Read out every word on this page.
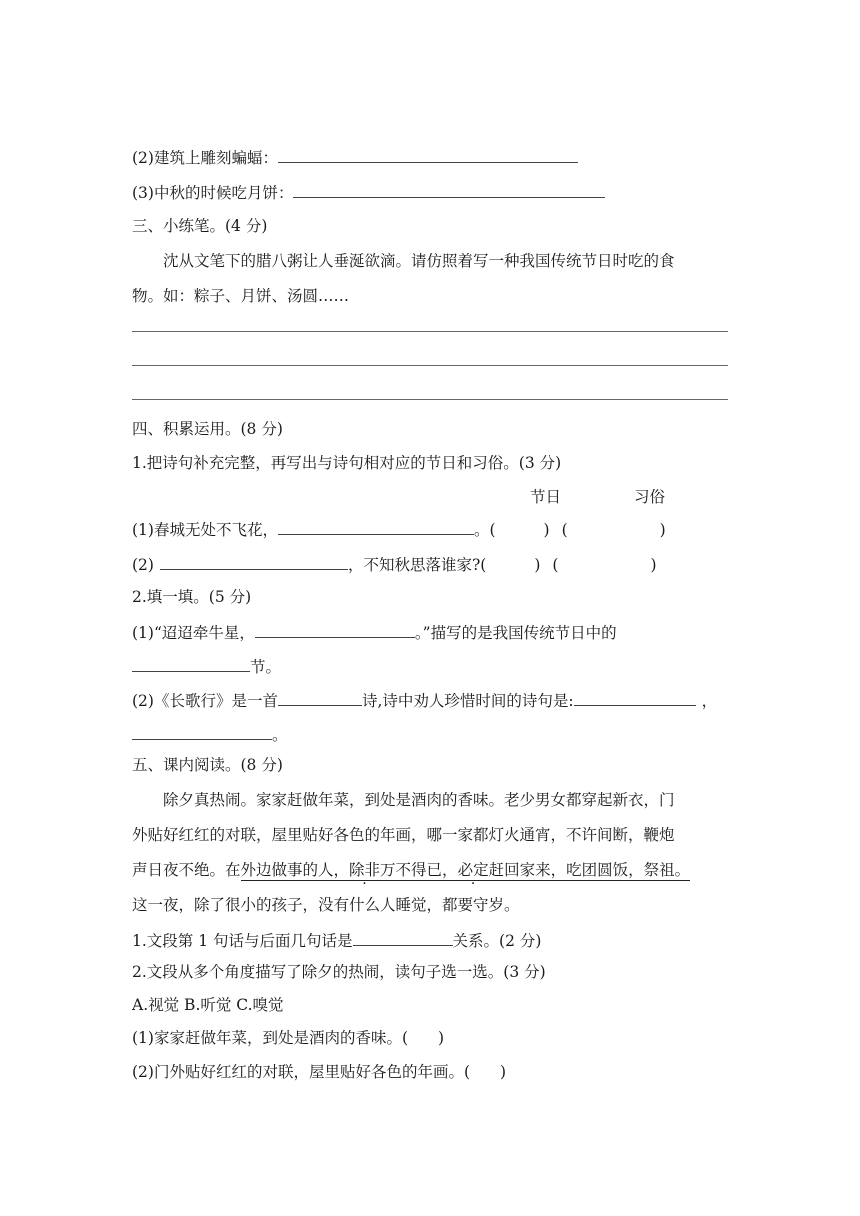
(2)建筑上雕刻蝙蝠：
(3)中秋的时候吃月饼：
三、小练笔。(4 分)
沈从文笔下的腊八粥让人垂涎欲滴。请仿照着写一种我国传统节日时吃的食
物。如：粽子、月饼、汤圆……
四、积累运用。(8 分)
1.把诗句补充完整，再写出与诗句相对应的节日和习俗。(3 分)
节日	习俗
(1)春城无处不飞花，	。(	) (	)
(2)	，不知秋思落谁家?(	) (	)
2.填一填。(5 分)
(1)“迢迢牵牛星，	。”描写的是我国传统节日中的
节。
(2)《长歌行》是一首	诗,诗中劝人珍惜时间的诗句是:	，
。
五、课内阅读。(8 分)
除夕真热闹。家家赶做年菜，到处是酒肉的香味。老少男女都穿起新衣，门
外贴好红红的对联，屋里贴好各色的年画，哪一家都灯火通宵，不许间断，鞭炮
声日夜不绝。在外边做事的人，除非万不得已，必定赶回家来，吃团圆饭，祭祖。
这一夜，除了很小的孩子，没有什么人睡觉，都要守岁。
1.文段第 1 句话与后面几句话是	关系。(2 分)
2.文段从多个角度描写了除夕的热闹，读句子选一选。(3 分)
A.视觉 B.听觉 C.嗅觉
(1)家家赶做年菜，到处是酒肉的香味。( )
(2)门外贴好红红的对联，屋里贴好各色的年画。( )
